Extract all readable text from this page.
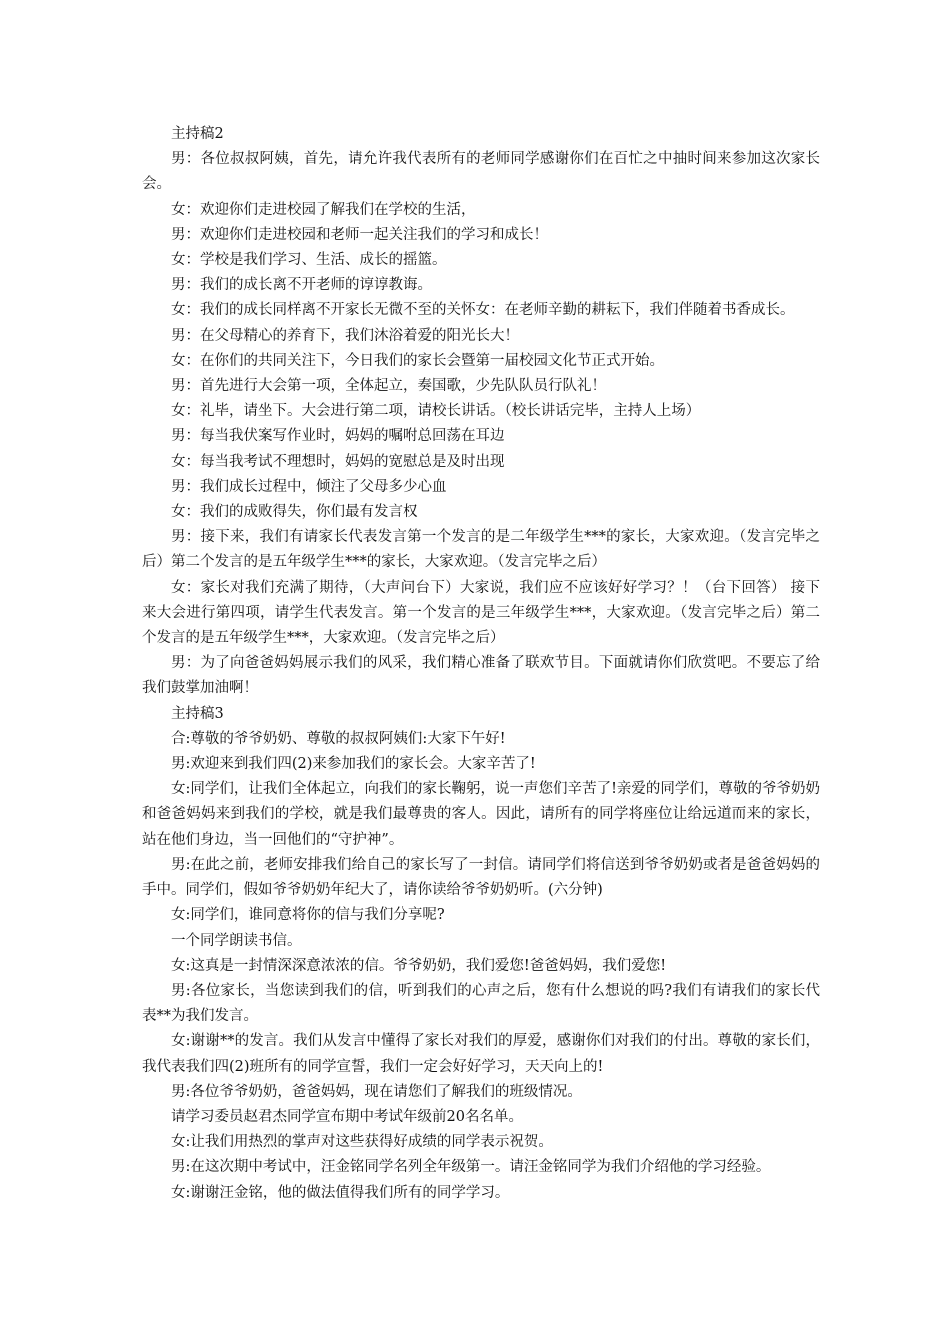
主持稿2

男：各位叔叔阿姨，首先，请允许我代表所有的老师同学感谢你们在百忙之中抽时间来参加这次家长会。

女：欢迎你们走进校园了解我们在学校的生活，

男：欢迎你们走进校园和老师一起关注我们的学习和成长！

女：学校是我们学习、生活、成长的摇篮。

男：我们的成长离不开老师的谆谆教诲。

女：我们的成长同样离不开家长无微不至的关怀女：在老师辛勤的耕耘下，我们伴随着书香成长。

男：在父母精心的养育下，我们沐浴着爱的阳光长大！

女：在你们的共同关注下，今日我们的家长会暨第一届校园文化节正式开始。

男：首先进行大会第一项，全体起立，奏国歌，少先队队员行队礼！

女：礼毕，请坐下。大会进行第二项，请校长讲话。（校长讲话完毕，主持人上场）

男：每当我伏案写作业时，妈妈的嘱咐总回荡在耳边

女：每当我考试不理想时，妈妈的宽慰总是及时出现

男：我们成长过程中，倾注了父母多少心血

女：我们的成败得失，你们最有发言权

男：接下来，我们有请家长代表发言第一个发言的是二年级学生***的家长，大家欢迎。（发言完毕之后）第二个发言的是五年级学生***的家长，大家欢迎。（发言完毕之后）

女：家长对我们充满了期待，（大声问台下）大家说，我们应不应该好好学习？！（台下回答） 接下来大会进行第四项，请学生代表发言。第一个发言的是三年级学生***，大家欢迎。（发言完毕之后）第二个发言的是五年级学生***，大家欢迎。（发言完毕之后）

男：为了向爸爸妈妈展示我们的风采，我们精心准备了联欢节目。下面就请你们欣赏吧。不要忘了给我们鼓掌加油啊！

主持稿3

合:尊敬的爷爷奶奶、尊敬的叔叔阿姨们:大家下午好!

男:欢迎来到我们四(2)来参加我们的家长会。大家辛苦了!

女:同学们，让我们全体起立，向我们的家长鞠躬，说一声您们辛苦了!亲爱的同学们，尊敬的爷爷奶奶和爸爸妈妈来到我们的学校，就是我们最尊贵的客人。因此，请所有的同学将座位让给远道而来的家长，站在他们身边，当一回他们的“守护神”。

男:在此之前，老师安排我们给自己的家长写了一封信。请同学们将信送到爷爷奶奶或者是爸爸妈妈的手中。同学们，假如爷爷奶奶年纪大了，请你读给爷爷奶奶听。(六分钟)

女:同学们，谁同意将你的信与我们分享呢?

一个同学朗读书信。

女:这真是一封情深深意浓浓的信。爷爷奶奶，我们爱您!爸爸妈妈，我们爱您!

男:各位家长，当您读到我们的信，听到我们的心声之后，您有什么想说的吗?我们有请我们的家长代表**为我们发言。

女:谢谢**的发言。我们从发言中懂得了家长对我们的厚爱，感谢你们对我们的付出。尊敬的家长们，我代表我们四(2)班所有的同学宣誓，我们一定会好好学习，天天向上的!

男:各位爷爷奶奶，爸爸妈妈，现在请您们了解我们的班级情况。

请学习委员赵君杰同学宣布期中考试年级前20名名单。

女:让我们用热烈的掌声对这些获得好成绩的同学表示祝贺。

男:在这次期中考试中，汪金铭同学名列全年级第一。请汪金铭同学为我们介绍他的学习经验。

女:谢谢汪金铭，他的做法值得我们所有的同学学习。
